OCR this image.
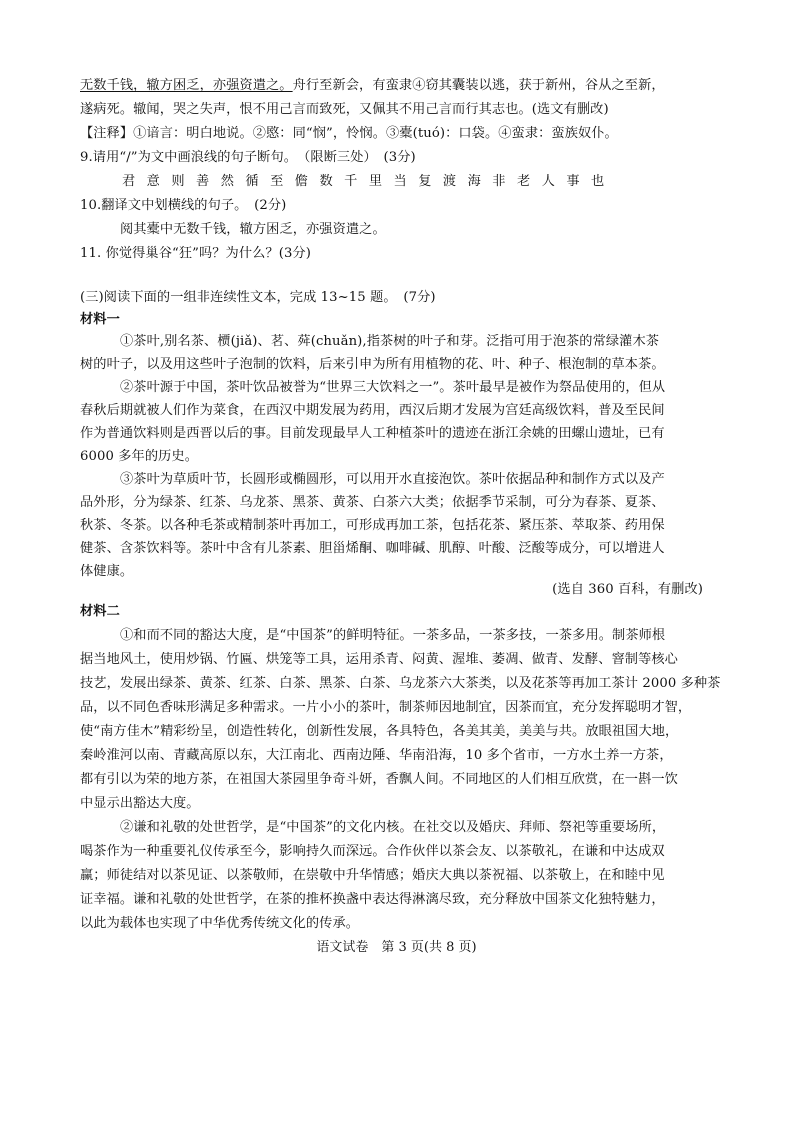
无数千钱，辙方困乏，亦强资遣之。舟行至新会，有蛮隶④窃其囊装以逃，获于新州，谷从之至新，
遂病死。辙闻，哭之失声，恨不用己言而致死，又佩其不用己言而行其志也。(选文有删改)
【注释】①谙言：明白地说。②愍：同“悯”，怜悯。③橐(tuó)：口袋。④蛮隶：蛮族奴仆。
9.请用“/”为文中画浪线的句子断句。　（限断三处）　(3分)
君意则善然循至儋数千里当复渡海非老人事也
10.翻译文中划横线的句子。　(2分)
阅其橐中无数千钱，辙方困乏，亦强资遣之。
11. 你觉得巢谷“狂”吗？为什么？(3分)
(三)阅读下面的一组非连续性文本，完成 13~15 题。　(7分)
材料一
①茶叶,别名茶、槚(jiǎ)、茗、荈(chuǎn),指茶树的叶子和芽。泛指可用于泡茶的常绿灌木茶
树的叶子，以及用这些叶子泡制的饮料，后来引申为所有用植物的花、叶、种子、根泡制的草本茶。
②茶叶源于中国，茶叶饮品被誉为“世界三大饮料之一”。茶叶最早是被作为祭品使用的，但从
春秋后期就被人们作为菜食，在西汉中期发展为药用，西汉后期才发展为宫廷高级饮料，普及至民间
作为普通饮料则是西晋以后的事。目前发现最早人工种植茶叶的遗迹在浙江余姚的田螺山遗址，已有
6000 多年的历史。
③茶叶为草质叶节，长圆形或椭圆形，可以用开水直接泡饮。茶叶依据品种和制作方式以及产
品外形，分为绿茶、红茶、乌龙茶、黑茶、黄茶、白茶六大类；依据季节采制，可分为春茶、夏茶、
秋茶、冬茶。以各种毛茶或精制茶叶再加工，可形成再加工茶，包括花茶、紧压茶、萃取茶、药用保
健茶、含茶饮料等。茶叶中含有儿茶素、胆甾烯酮、咖啡碱、肌醇、叶酸、泛酸等成分，可以增进人
体健康。
(选自 360 百科，有删改)
材料二
①和而不同的豁达大度，是“中国茶”的鲜明特征。一茶多品，一茶多技，一茶多用。制茶师根
据当地风土，使用炒锅、竹匾、烘笼等工具，运用杀青、闷黄、渥堆、萎凋、做青、发酵、窨制等核心
技艺，发展出绿茶、黄茶、红茶、白茶、黑茶、白茶、乌龙茶六大茶类，以及花茶等再加工茶计 2000 多种茶
品，以不同色香味形满足多种需求。一片小小的茶叶，制茶师因地制宜，因茶而宜，充分发挥聪明才智，
使“南方佳木”精彩纷呈，创造性转化，创新性发展，各具特色，各美其美，美美与共。放眼祖国大地，
秦岭淮河以南、青藏高原以东，大江南北、西南边陲、华南沿海，10 多个省市，一方水土养一方茶，
都有引以为荣的地方茶，在祖国大茶园里争奇斗妍，香飘人间。不同地区的人们相互欣赏，在一斟一饮
中显示出豁达大度。
②谦和礼敬的处世哲学，是“中国茶”的文化内核。在社交以及婚庆、拜师、祭祀等重要场所，
喝茶作为一种重要礼仪传承至今，影响持久而深远。合作伙伴以茶会友、以茶敬礼，在谦和中达成双
赢；师徒结对以茶见证、以茶敬师，在崇敬中升华情感；婚庆大典以茶祝福、以茶敬上，在和睦中见
证幸福。谦和礼敬的处世哲学，在茶的推杯换盏中表达得淋漓尽致，充分释放中国茶文化独特魅力，
以此为载体也实现了中华优秀传统文化的传承。
语文试卷　第 3 页(共 8 页)
